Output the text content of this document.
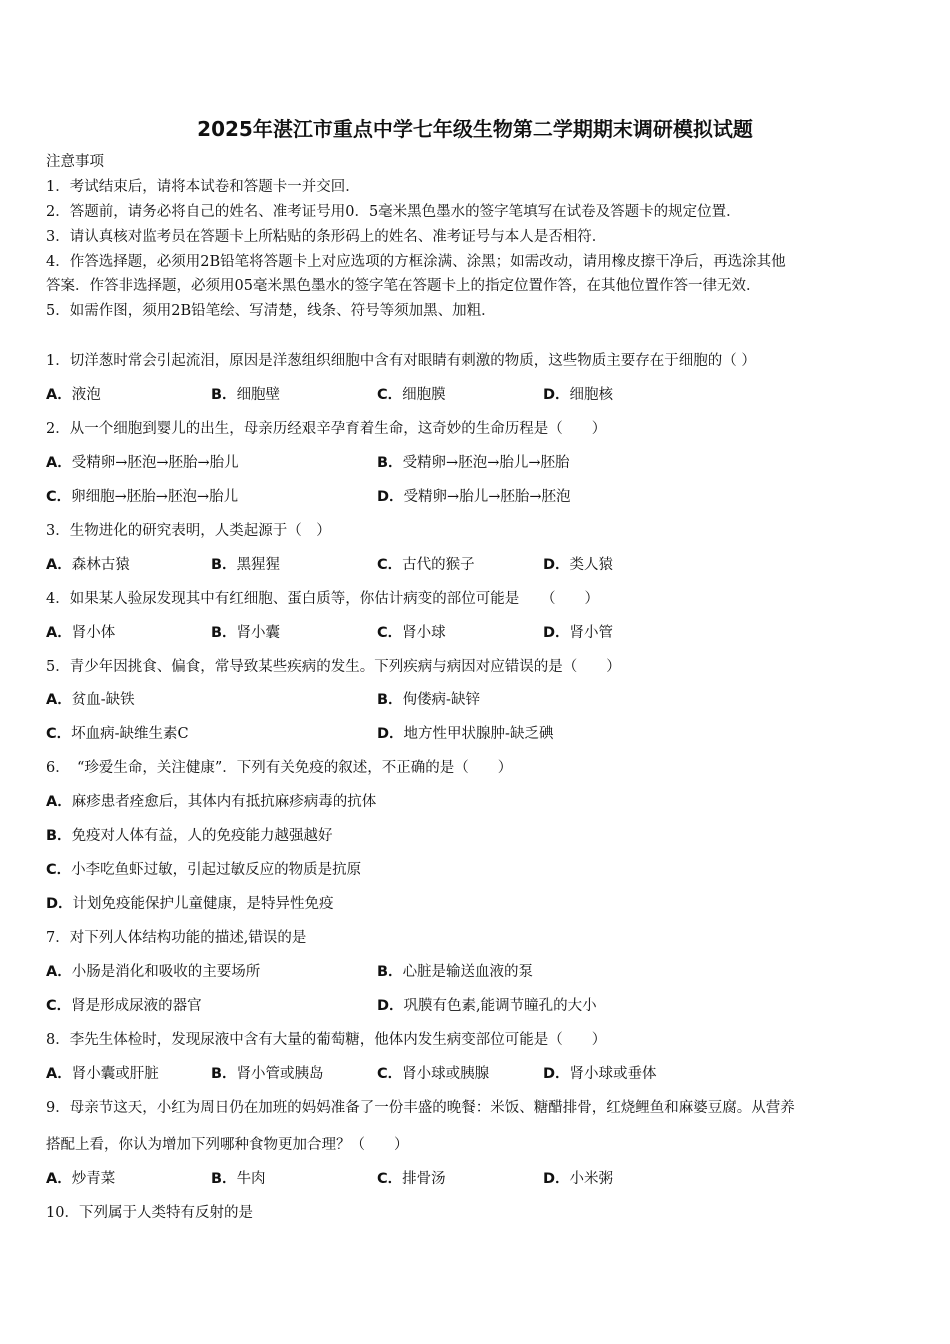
2025年湛江市重点中学七年级生物第二学期期末调研模拟试题
注意事项
1．考试结束后，请将本试卷和答题卡一并交回．
2．答题前，请务必将自己的姓名、准考证号用0．5毫米黑色墨水的签字笔填写在试卷及答题卡的规定位置．
3．请认真核对监考员在答题卡上所粘贴的条形码上的姓名、准考证号与本人是否相符．
4．作答选择题，必须用2B铅笔将答题卡上对应选项的方框涂满、涂黑；如需改动，请用橡皮擦干净后，再选涂其他
答案．作答非选择题，必须用05毫米黑色墨水的签字笔在答题卡上的指定位置作答，在其他位置作答一律无效．
5．如需作图，须用2B铅笔绘、写清楚，线条、符号等须加黑、加粗．
1．切洋葱时常会引起流泪，原因是洋葱组织细胞中含有对眼睛有刺激的物质，这些物质主要存在于细胞的（ ）
A．液泡	B．细胞壁	C．细胞膜	D．细胞核
2．从一个细胞到婴儿的出生，母亲历经艰辛孕育着生命，这奇妙的生命历程是（　　）
A．受精卵→胚泡→胚胎→胎儿	B．受精卵→胚泡→胎儿→胚胎
C．卵细胞→胚胎→胚泡→胎儿	D．受精卵→胎儿→胚胎→胚泡
3．生物进化的研究表明，人类起源于（　）
A．森林古猿	B．黑猩猩	C．古代的猴子	D．类人猿
4．如果某人验尿发现其中有红细胞、蛋白质等，你估计病变的部位可能是　　（　　）
A．肾小体	B．肾小囊	C．肾小球	D．肾小管
5．青少年因挑食、偏食，常导致某些疾病的发生。下列疾病与病因对应错误的是（　　）
A．贫血-缺铁	B．佝偻病-缺锌
C．坏血病-缺维生素C	D．地方性甲状腺肿-缺乏碘
6．　“珍爱生命，关注健康”．下列有关免疫的叙述，不正确的是（　　）
A．麻疹患者痊愈后，其体内有抵抗麻疹病毒的抗体
B．免疫对人体有益，人的免疫能力越强越好
C．小李吃鱼虾过敏，引起过敏反应的物质是抗原
D．计划免疫能保护儿童健康，是特异性免疫
7．对下列人体结构功能的描述,错误的是
A．小肠是消化和吸收的主要场所	B．心脏是输送血液的泵
C．肾是形成尿液的器官	D．巩膜有色素,能调节瞳孔的大小
8．李先生体检时，发现尿液中含有大量的葡萄糖，他体内发生病变部位可能是（　　）
A．肾小囊或肝脏	B．肾小管或胰岛	C．肾小球或胰腺	D．肾小球或垂体
9．母亲节这天，小红为周日仍在加班的妈妈准备了一份丰盛的晚餐：米饭、糖醋排骨，红烧鲤鱼和麻婆豆腐。从营养
搭配上看，你认为增加下列哪种食物更加合理？（　　）
A．炒青菜	B．牛肉	C．排骨汤	D．小米粥
10．下列属于人类特有反射的是
